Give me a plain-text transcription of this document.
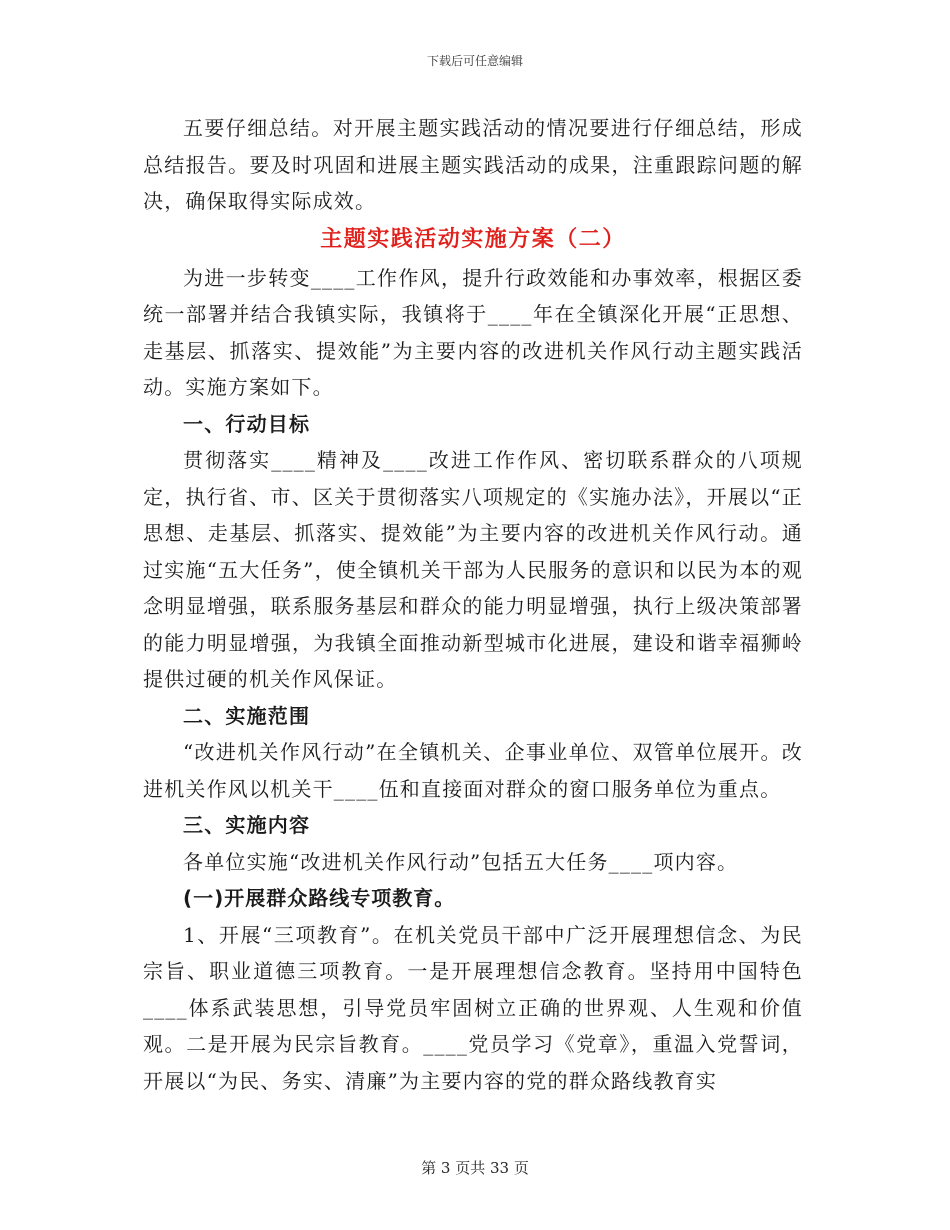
下载后可任意编辑

五要仔细总结。对开展主题实践活动的情况要进行仔细总结，形成总结报告。要及时巩固和进展主题实践活动的成果，注重跟踪问题的解决，确保取得实际成效。

主题实践活动实施方案（二）

为进一步转变____工作作风，提升行政效能和办事效率，根据区委统一部署并结合我镇实际，我镇将于____年在全镇深化开展“正思想、走基层、抓落实、提效能”为主要内容的改进机关作风行动主题实践活动。实施方案如下。

一、行动目标

贯彻落实____精神及____改进工作作风、密切联系群众的八项规定，执行省、市、区关于贯彻落实八项规定的《实施办法》，开展以“正思想、走基层、抓落实、提效能”为主要内容的改进机关作风行动。通过实施“五大任务”，使全镇机关干部为人民服务的意识和以民为本的观念明显增强，联系服务基层和群众的能力明显增强，执行上级决策部署的能力明显增强，为我镇全面推动新型城市化进展，建设和谐幸福狮岭提供过硬的机关作风保证。

二、实施范围

“改进机关作风行动”在全镇机关、企事业单位、双管单位展开。改进机关作风以机关干____伍和直接面对群众的窗口服务单位为重点。

三、实施内容

各单位实施“改进机关作风行动”包括五大任务____项内容。

(一)开展群众路线专项教育。

1、开展“三项教育”。在机关党员干部中广泛开展理想信念、为民宗旨、职业道德三项教育。一是开展理想信念教育。坚持用中国特色____体系武装思想，引导党员牢固树立正确的世界观、人生观和价值观。二是开展为民宗旨教育。____党员学习《党章》，重温入党誓词，开展以“为民、务实、清廉”为主要内容的党的群众路线教育实

第 3 页共 33 页
